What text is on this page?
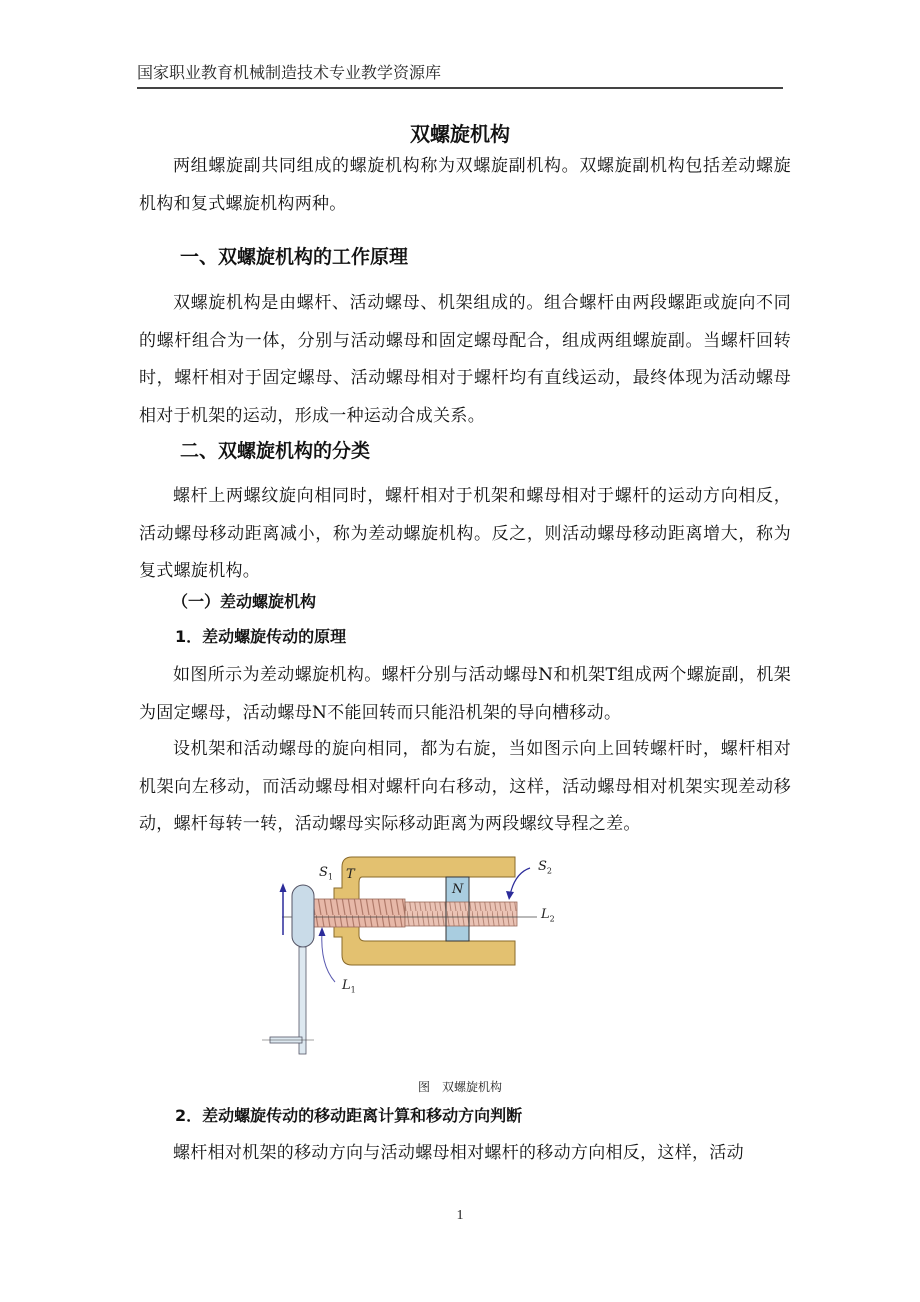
国家职业教育机械制造技术专业教学资源库
双螺旋机构
两组螺旋副共同组成的螺旋机构称为双螺旋副机构。双螺旋副机构包括差动螺旋机构和复式螺旋机构两种。
一、双螺旋机构的工作原理
双螺旋机构是由螺杆、活动螺母、机架组成的。组合螺杆由两段螺距或旋向不同的螺杆组合为一体，分别与活动螺母和固定螺母配合，组成两组螺旋副。当螺杆回转时，螺杆相对于固定螺母、活动螺母相对于螺杆均有直线运动，最终体现为活动螺母相对于机架的运动，形成一种运动合成关系。
二、双螺旋机构的分类
螺杆上两螺纹旋向相同时，螺杆相对于机架和螺母相对于螺杆的运动方向相反，活动螺母移动距离减小，称为差动螺旋机构。反之，则活动螺母移动距离增大，称为复式螺旋机构。
（一）差动螺旋机构
1．差动螺旋传动的原理
如图所示为差动螺旋机构。螺杆分别与活动螺母N和机架T组成两个螺旋副，机架为固定螺母，活动螺母N不能回转而只能沿机架的导向槽移动。
设机架和活动螺母的旋向相同，都为右旋，当如图示向上回转螺杆时，螺杆相对机架向左移动，而活动螺母相对螺杆向右移动，这样，活动螺母相对机架实现差动移动，螺杆每转一转，活动螺母实际移动距离为两段螺纹导程之差。
$S_1$ T
N
$S_2$
$L_2$
$L_1$
图　双螺旋机构
2．差动螺旋传动的移动距离计算和移动方向判断
螺杆相对机架的移动方向与活动螺母相对螺杆的移动方向相反，这样，活动
1
